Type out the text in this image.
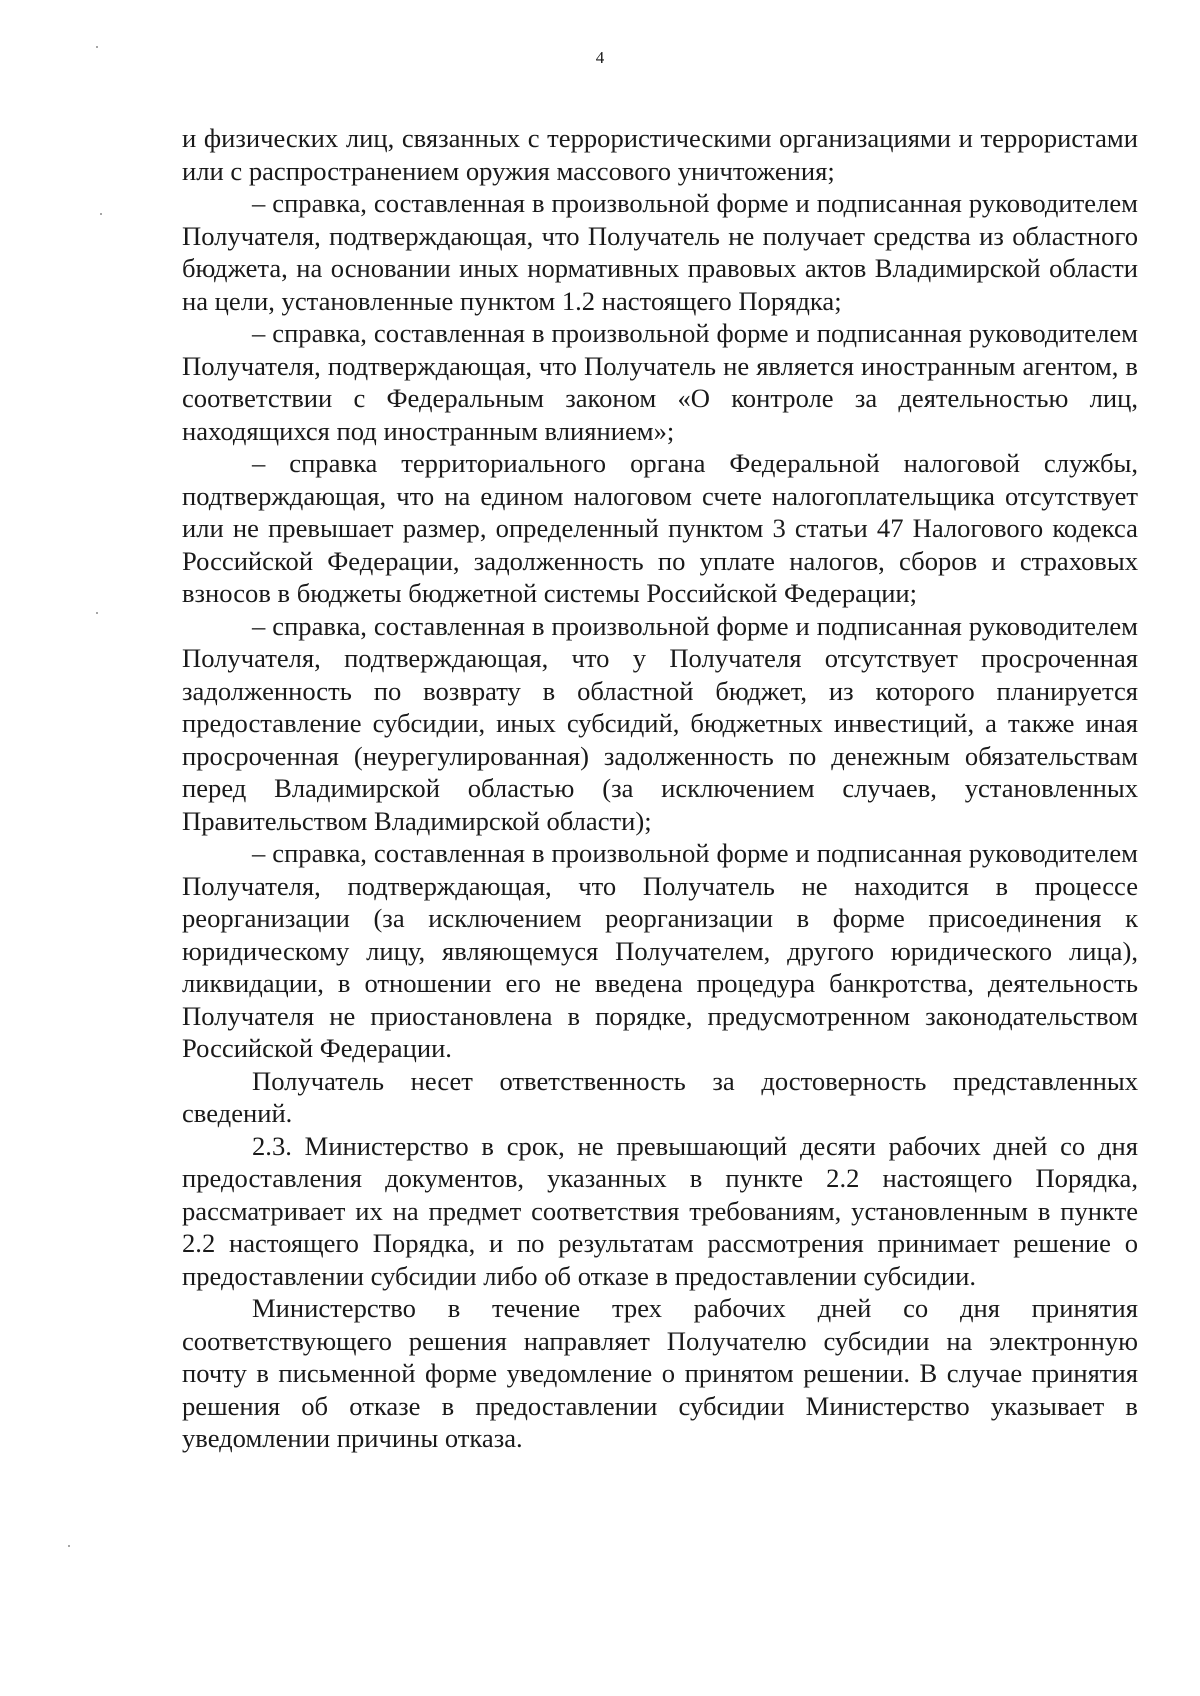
4

и физических лиц, связанных с террористическими организациями и террористами или с распространением оружия массового уничтожения;

– справка, составленная в произвольной форме и подписанная руководителем Получателя, подтверждающая, что Получатель не получает средства из областного бюджета, на основании иных нормативных правовых актов Владимирской области на цели, установленные пунктом 1.2 настоящего Порядка;

– справка, составленная в произвольной форме и подписанная руководителем Получателя, подтверждающая, что Получатель не является иностранным агентом, в соответствии с Федеральным законом «О контроле за деятельностью лиц, находящихся под иностранным влиянием»;

– справка территориального органа Федеральной налоговой службы, подтверждающая, что на едином налоговом счете налогоплательщика отсутствует или не превышает размер, определенный пунктом 3 статьи 47 Налогового кодекса Российской Федерации, задолженность по уплате налогов, сборов и страховых взносов в бюджеты бюджетной системы Российской Федерации;

– справка, составленная в произвольной форме и подписанная руководителем Получателя, подтверждающая, что у Получателя отсутствует просроченная задолженность по возврату в областной бюджет, из которого планируется предоставление субсидии, иных субсидий, бюджетных инвестиций, а также иная просроченная (неурегулированная) задолженность по денежным обязательствам перед Владимирской областью (за исключением случаев, установленных Правительством Владимирской области);

– справка, составленная в произвольной форме и подписанная руководителем Получателя, подтверждающая, что Получатель не находится в процессе реорганизации (за исключением реорганизации в форме присоединения к юридическому лицу, являющемуся Получателем, другого юридического лица), ликвидации, в отношении его не введена процедура банкротства, деятельность Получателя не приостановлена в порядке, предусмотренном законодательством Российской Федерации.

Получатель несет ответственность за достоверность представленных сведений.

2.3. Министерство в срок, не превышающий десяти рабочих дней со дня предоставления документов, указанных в пункте 2.2 настоящего Порядка, рассматривает их на предмет соответствия требованиям, установленным в пункте 2.2 настоящего Порядка, и по результатам рассмотрения принимает решение о предоставлении субсидии либо об отказе в предоставлении субсидии.

Министерство в течение трех рабочих дней со дня принятия соответствующего решения направляет Получателю субсидии на электронную почту в письменной форме уведомление о принятом решении. В случае принятия решения об отказе в предоставлении субсидии Министерство указывает в уведомлении причины отказа.
